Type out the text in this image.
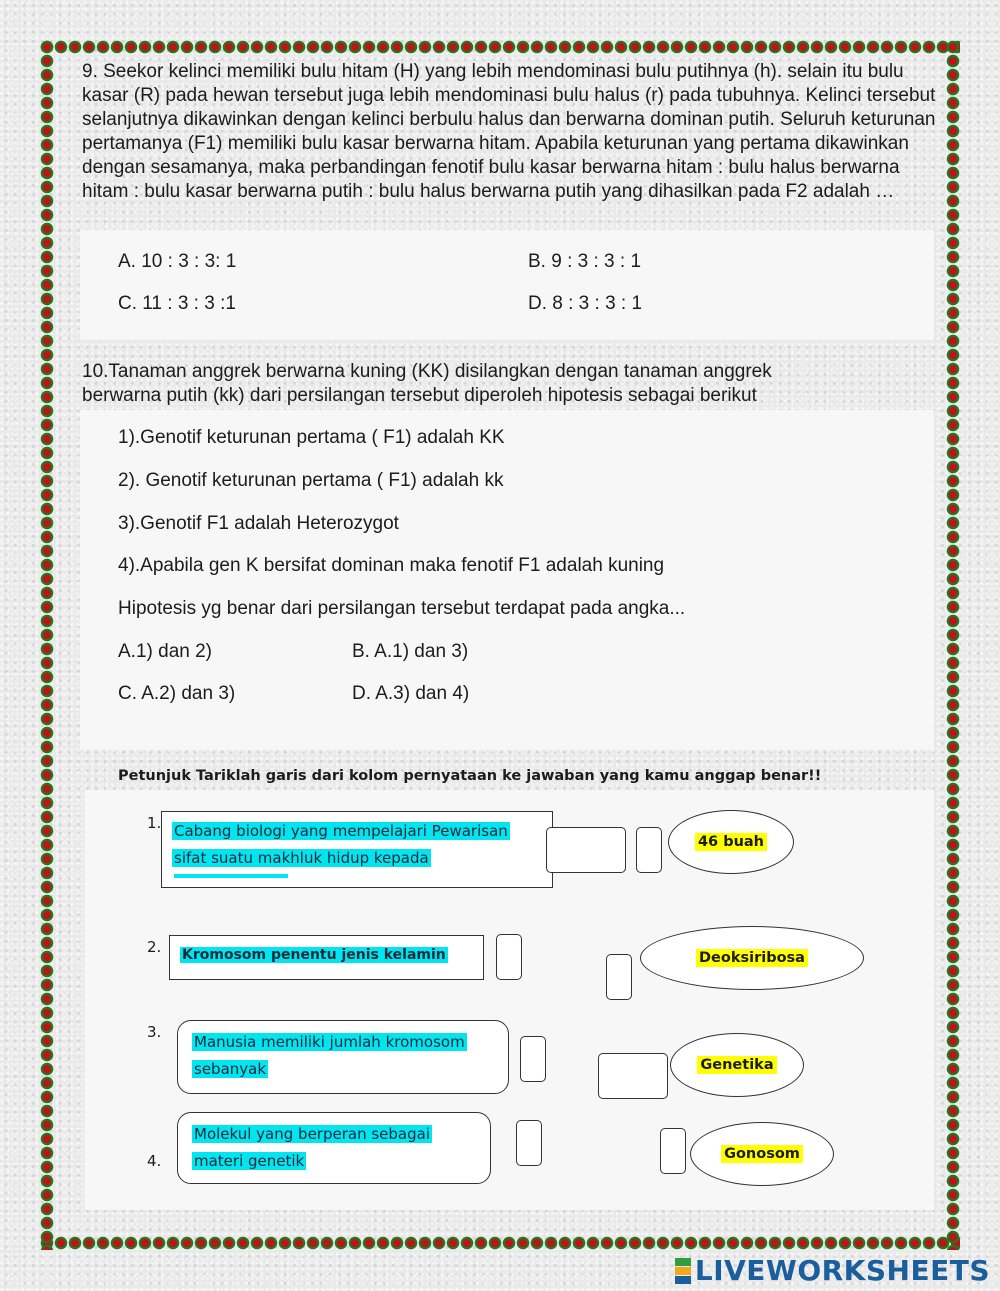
9. Seekor kelinci memiliki bulu hitam (H) yang lebih mendominasi bulu putihnya (h). selain itu bulu kasar (R) pada hewan tersebut juga lebih mendominasi bulu halus (r) pada tubuhnya. Kelinci tersebut selanjutnya dikawinkan dengan kelinci berbulu halus dan berwarna dominan putih. Seluruh keturunan pertamanya (F1) memiliki bulu kasar berwarna hitam. Apabila keturunan yang pertama dikawinkan dengan sesamanya, maka perbandingan fenotif bulu kasar berwarna hitam : bulu halus berwarna hitam : bulu kasar berwarna putih : bulu halus berwarna putih yang dihasilkan pada F2 adalah …
A. 10 : 3 : 3: 1	B. 9 : 3 : 3 : 1
C. 11 : 3 : 3 :1	D. 8 : 3 : 3 : 1
10.Tanaman anggrek berwarna kuning (KK) disilangkan dengan tanaman anggrek
berwarna putih (kk) dari persilangan tersebut diperoleh hipotesis sebagai berikut
1).Genotif keturunan pertama ( F1) adalah KK
2). Genotif keturunan pertama ( F1) adalah kk
3).Genotif F1 adalah Heterozygot
4).Apabila gen K bersifat dominan maka fenotif F1 adalah kuning
Hipotesis yg benar dari persilangan tersebut terdapat pada angka...
A.1) dan 2)	B. A.1) dan 3)
C. A.2) dan 3)	D. A.3) dan 4)
Petunjuk Tariklah garis dari kolom pernyataan ke jawaban yang kamu anggap benar!!
1. Cabang biologi yang mempelajari Pewarisan
sifat suatu makhluk hidup kepada
46 buah
2. Kromosom penentu jenis kelamin	Deoksiribosa
3.
Manusia memiliki jumlah kromosom
sebanyak	Genetika
4.
Molekul yang berperan sebagai
materi genetik	Gonosom
LIVEWORKSHEETS
